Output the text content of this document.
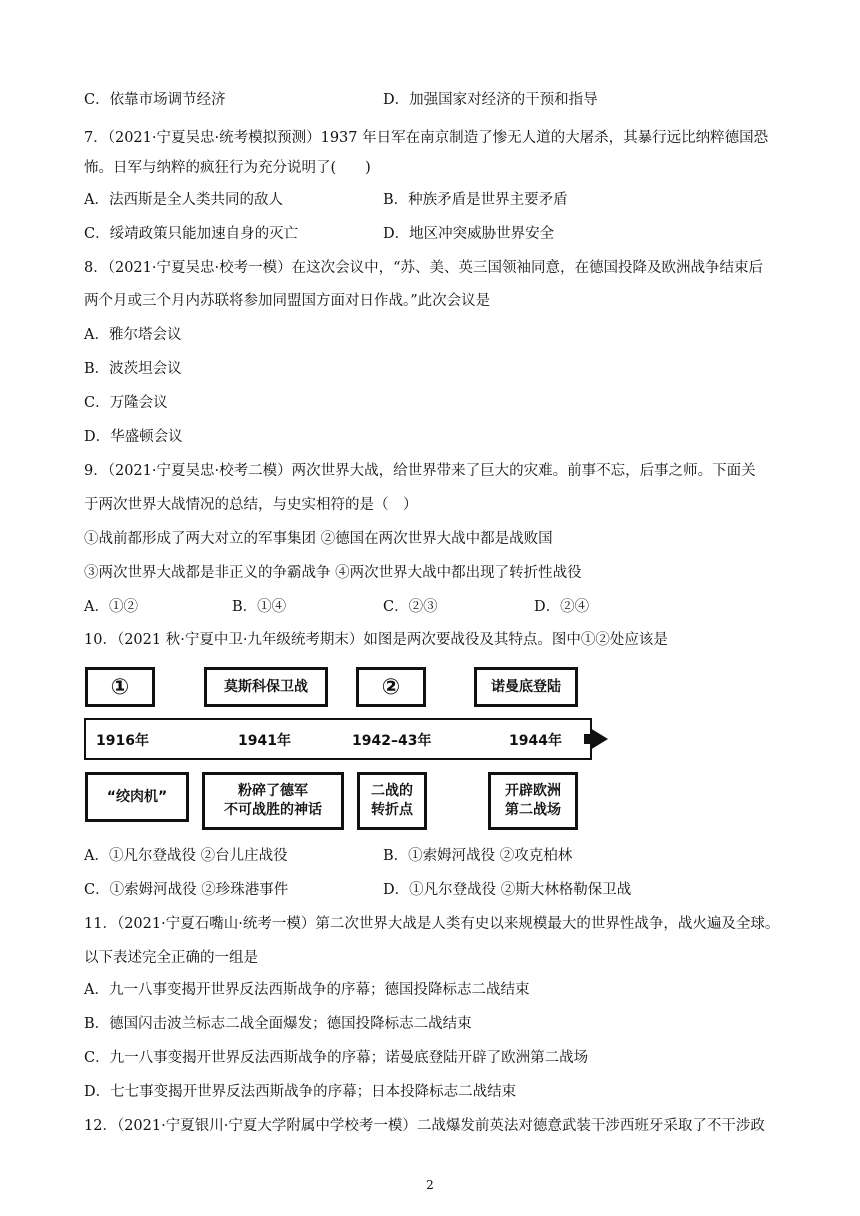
C．依靠市场调节经济	D．加强国家对经济的干预和指导
7．（2021·宁夏吴忠·统考模拟预测）1937 年日军在南京制造了惨无人道的大屠杀，其暴行远比纳粹德国恐
怖。日军与纳粹的疯狂行为充分说明了(　　)
A．法西斯是全人类共同的敌人	B．种族矛盾是世界主要矛盾
C．绥靖政策只能加速自身的灭亡	D．地区冲突威胁世界安全
8．（2021·宁夏吴忠·校考一模）在这次会议中，“苏、美、英三国领袖同意，在德国投降及欧洲战争结束后
两个月或三个月内苏联将参加同盟国方面对日作战。”此次会议是
A．雅尔塔会议
B．波茨坦会议
C．万隆会议
D．华盛顿会议
9．（2021·宁夏吴忠·校考二模）两次世界大战，给世界带来了巨大的灾难。前事不忘，后事之师。下面关
于两次世界大战情况的总结，与史实相符的是（　）
①战前都形成了两大对立的军事集团 ②德国在两次世界大战中都是战败国
③两次世界大战都是非正义的争霸战争 ④两次世界大战中都出现了转折性战役
A．①②	B．①④	C．②③	D．②④
10．（2021 秋·宁夏中卫·九年级统考期末）如图是两次要战役及其特点。图中①②处应该是
①	莫斯科保卫战	②	诺曼底登陆
1916年	1941年	1942–43年	1944年
“绞肉机”	粉碎了德军
不可战胜的神话
二战的
转折点
开辟欧洲
第二战场
A．①凡尔登战役 ②台儿庄战役	B．①索姆河战役 ②攻克柏林
C．①索姆河战役 ②珍珠港事件	D．①凡尔登战役 ②斯大林格勒保卫战
11．（2021·宁夏石嘴山·统考一模）第二次世界大战是人类有史以来规模最大的世界性战争，战火遍及全球。
以下表述完全正确的一组是
A．九一八事变揭开世界反法西斯战争的序幕；德国投降标志二战结束
B．德国闪击波兰标志二战全面爆发；德国投降标志二战结束
C．九一八事变揭开世界反法西斯战争的序幕；诺曼底登陆开辟了欧洲第二战场
D．七七事变揭开世界反法西斯战争的序幕；日本投降标志二战结束
12．（2021·宁夏银川·宁夏大学附属中学校考一模）二战爆发前英法对德意武装干涉西班牙采取了不干涉政
2
